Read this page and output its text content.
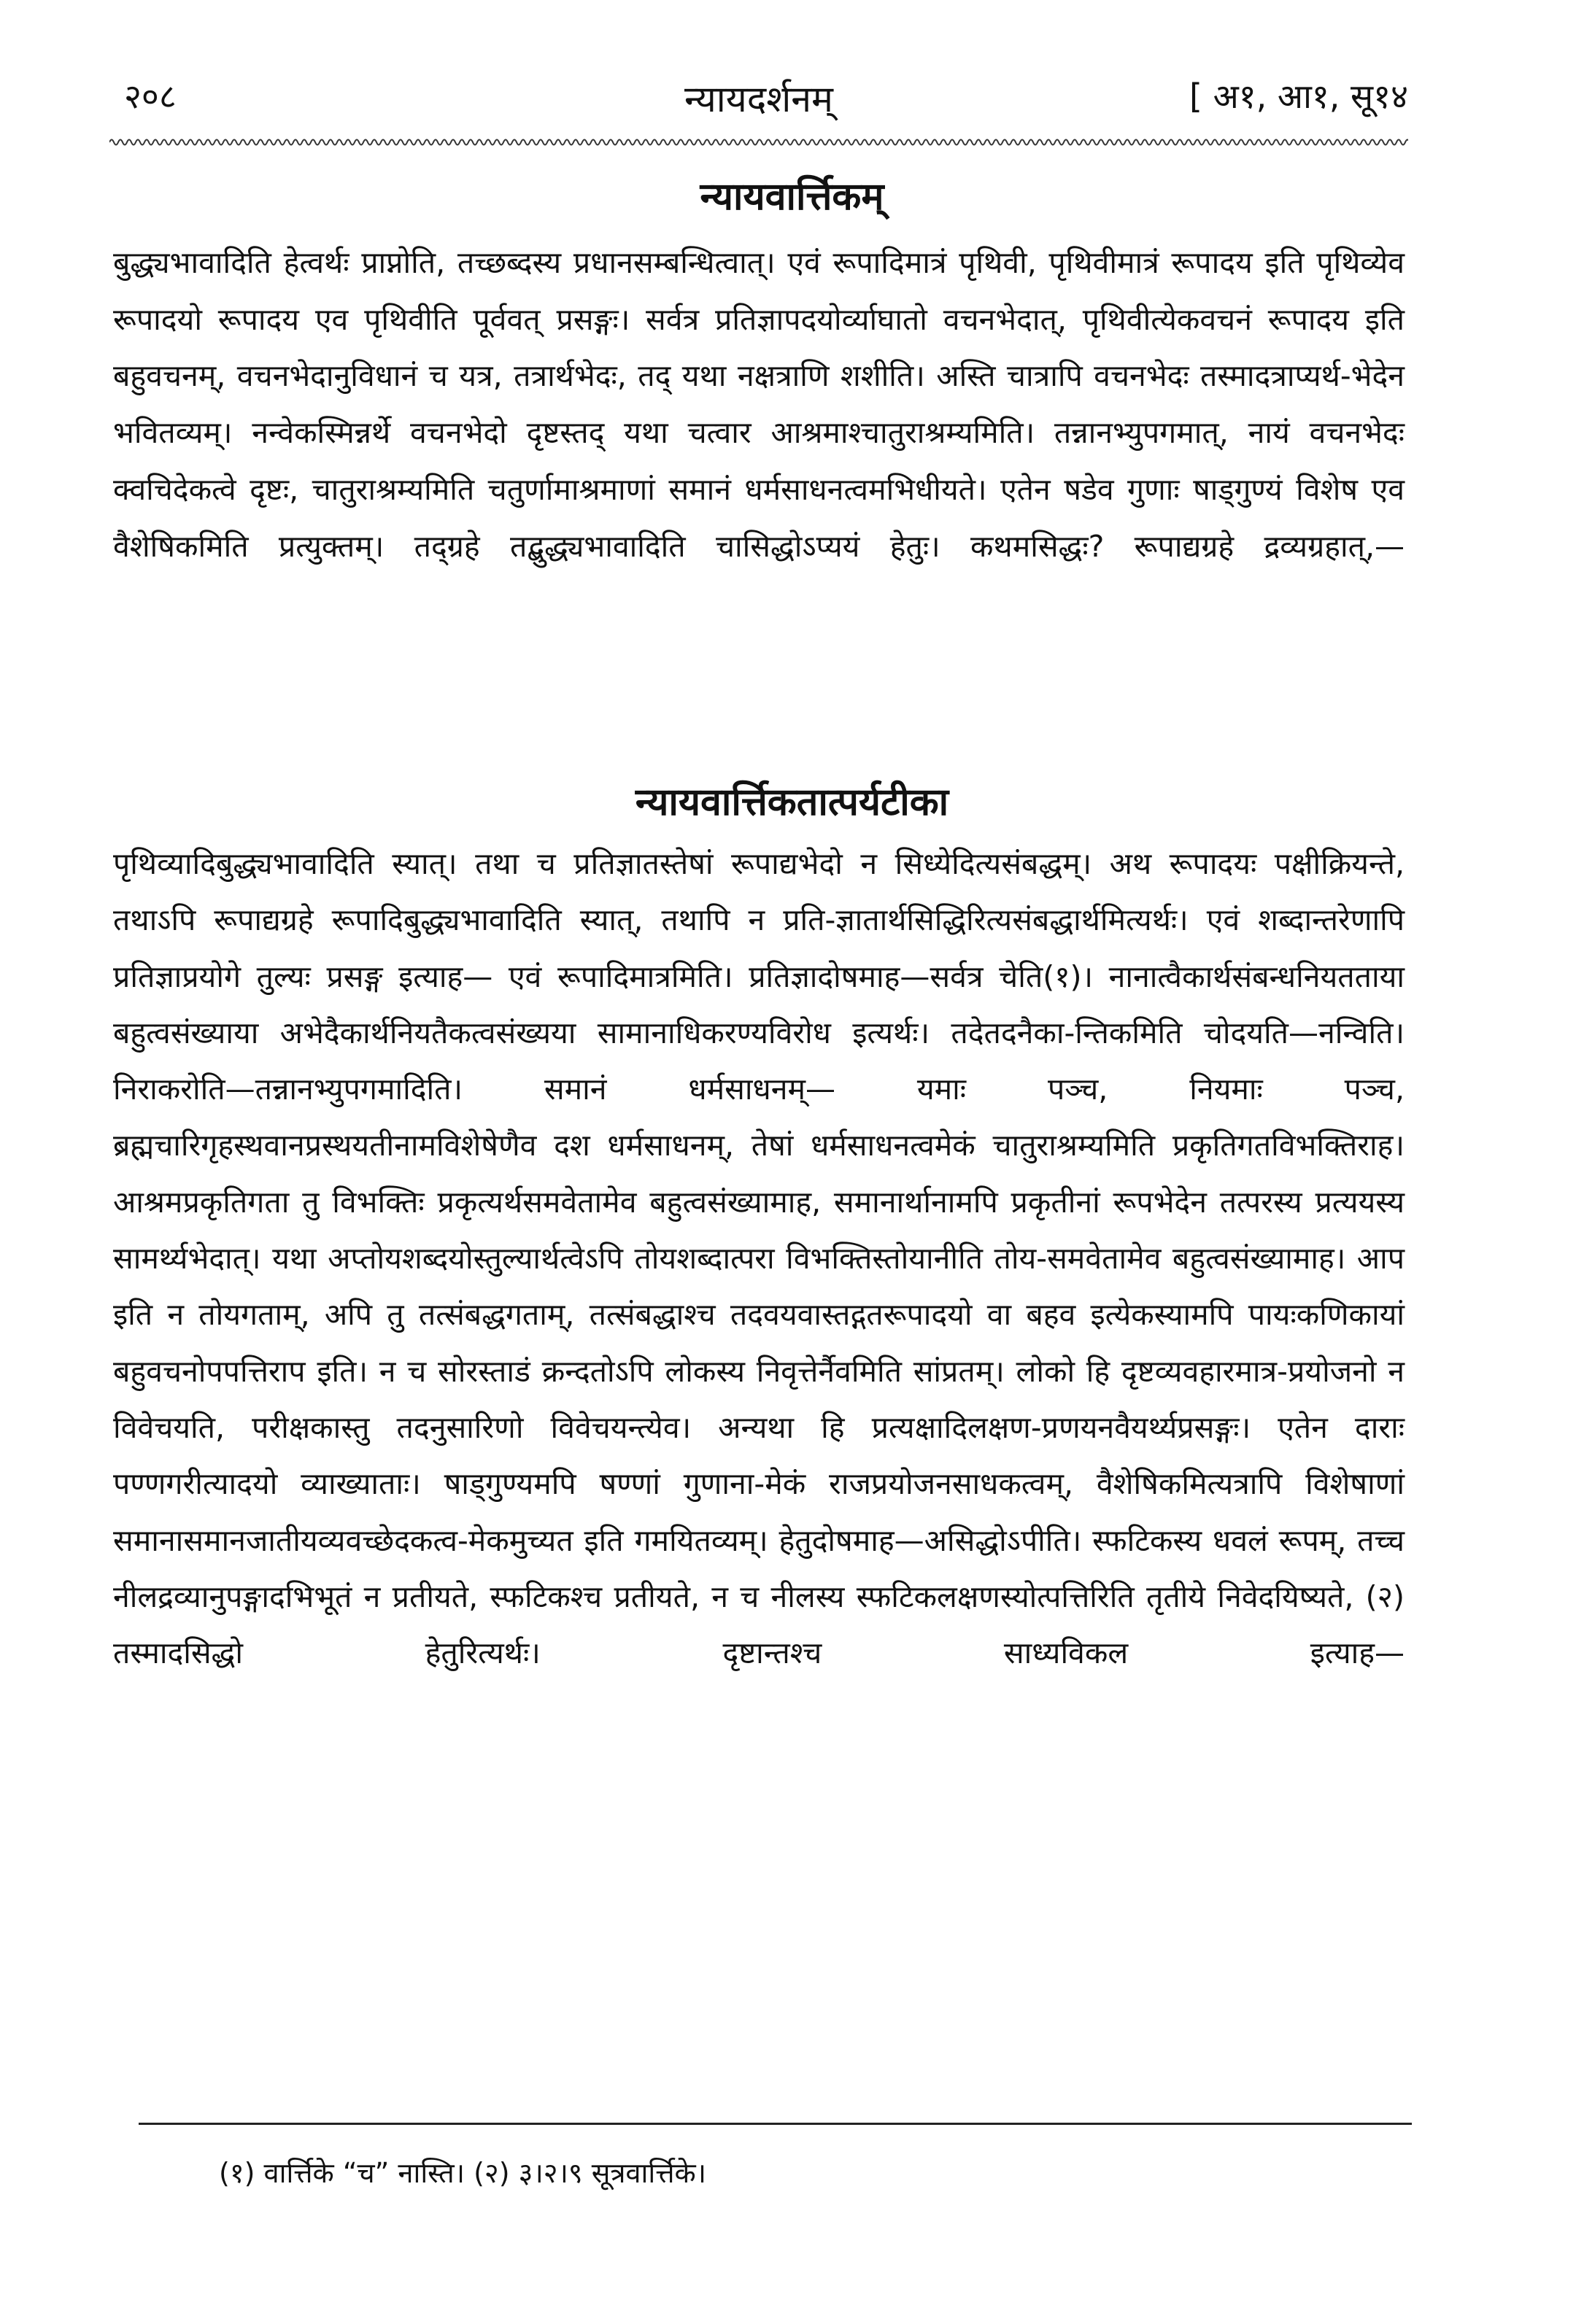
२०८	न्यायदर्शनम्	[ अ१, आ१, सू१४
न्यायवार्त्तिकम्
बुद्ध्यभावादिति हेत्वर्थः प्राप्नोति, तच्छब्दस्य प्रधानसम्बन्धित्वात्। एवं रूपादिमात्रं पृथिवी, पृथिवीमात्रं रूपादय इति पृथिव्येव रूपादयो रूपादय एव पृथिवीति पूर्ववत् प्रसङ्गः। सर्वत्र प्रतिज्ञापदयोर्व्याघातो वचनभेदात्, पृथिवीत्येकवचनं रूपादय इति बहुवचनम्, वचनभेदानुविधानं च यत्र, तत्रार्थभेदः, तद् यथा नक्षत्राणि शशीति। अस्ति चात्रापि वचनभेदः तस्मादत्राप्यर्थ-भेदेन भवितव्यम्। नन्वेकस्मिन्नर्थे वचनभेदो दृष्टस्तद् यथा चत्वार आश्रमाश्चातुराश्रम्यमिति। तन्नानभ्युपगमात्, नायं वचनभेदः क्वचिदेकत्वे दृष्टः, चातुराश्रम्यमिति चतुर्णामाश्रमाणां समानं धर्मसाधनत्वमभिधीयते। एतेन षडेव गुणाः षाड्गुण्यं विशेष एव वैशेषिकमिति प्रत्युक्तम्। तद्ग्रहे तद्बुद्ध्यभावादिति चासिद्धोऽप्ययं हेतुः। कथमसिद्धः? रूपाद्यग्रहे द्रव्यग्रहात्,—
न्यायवार्त्तिकतात्पर्यटीका
पृथिव्यादिबुद्ध्यभावादिति स्यात्। तथा च प्रतिज्ञातस्तेषां रूपाद्यभेदो न सिध्येदित्यसंबद्धम्। अथ रूपादयः पक्षीक्रियन्ते, तथाऽपि रूपाद्यग्रहे रूपादिबुद्ध्यभावादिति स्यात्, तथापि न प्रति-ज्ञातार्थसिद्धिरित्यसंबद्धार्थमित्यर्थः। एवं शब्दान्तरेणापि प्रतिज्ञाप्रयोगे तुल्यः प्रसङ्ग इत्याह— एवं रूपादिमात्रमिति। प्रतिज्ञादोषमाह—सर्वत्र चेति(१)। नानात्वैकार्थसंबन्धनियतताया बहुत्वसंख्याया अभेदैकार्थनियतैकत्वसंख्यया सामानाधिकरण्यविरोध इत्यर्थः। तदेतदनैका-न्तिकमिति चोदयति—नन्विति। निराकरोति—तन्नानभ्युपगमादिति। समानं धर्मसाधनम्— यमाः पञ्च, नियमाः पञ्च, ब्रह्मचारिगृहस्थवानप्रस्थयतीनामविशेषेणैव दश धर्मसाधनम्, तेषां धर्मसाधनत्वमेकं चातुराश्रम्यमिति प्रकृतिगतविभक्तिराह। आश्रमप्रकृतिगता तु विभक्तिः प्रकृत्यर्थसमवेतामेव बहुत्वसंख्यामाह, समानार्थानामपि प्रकृतीनां रूपभेदेन तत्परस्य प्रत्ययस्य सामर्थ्यभेदात्। यथा अप्तोयशब्दयोस्तुल्यार्थत्वेऽपि तोयशब्दात्परा विभक्तिस्तोयानीति तोय-समवेतामेव बहुत्वसंख्यामाह। आप इति न तोयगताम्, अपि तु तत्संबद्धगताम्, तत्संबद्धाश्च तदवयवास्तद्गतरूपादयो वा बहव इत्येकस्यामपि पायःकणिकायां बहुवचनोपपत्तिराप इति। न च सोरस्ताडं क्रन्दतोऽपि लोकस्य निवृत्तेर्नैवमिति सांप्रतम्। लोको हि दृष्टव्यवहारमात्र-प्रयोजनो न विवेचयति, परीक्षकास्तु तदनुसारिणो विवेचयन्त्येव। अन्यथा हि प्रत्यक्षादिलक्षण-प्रणयनवैयर्थ्यप्रसङ्गः। एतेन दाराः पण्णगरीत्यादयो व्याख्याताः। षाड्गुण्यमपि षण्णां गुणाना-मेकं राजप्रयोजनसाधकत्वम्, वैशेषिकमित्यत्रापि विशेषाणां समानासमानजातीयव्यवच्छेदकत्व-मेकमुच्यत इति गमयितव्यम्। हेतुदोषमाह—असिद्धोऽपीति। स्फटिकस्य धवलं रूपम्, तच्च नीलद्रव्यानुपङ्गादभिभूतं न प्रतीयते, स्फटिकश्च प्रतीयते, न च नीलस्य स्फटिकलक्षणस्योत्पत्तिरिति तृतीये निवेदयिष्यते, (२) तस्मादसिद्धो हेतुरित्यर्थः। दृष्टान्तश्च साध्यविकल इत्याह—
(१) वार्त्तिके “च” नास्ति। (२) ३।२।९ सूत्रवार्त्तिके।
